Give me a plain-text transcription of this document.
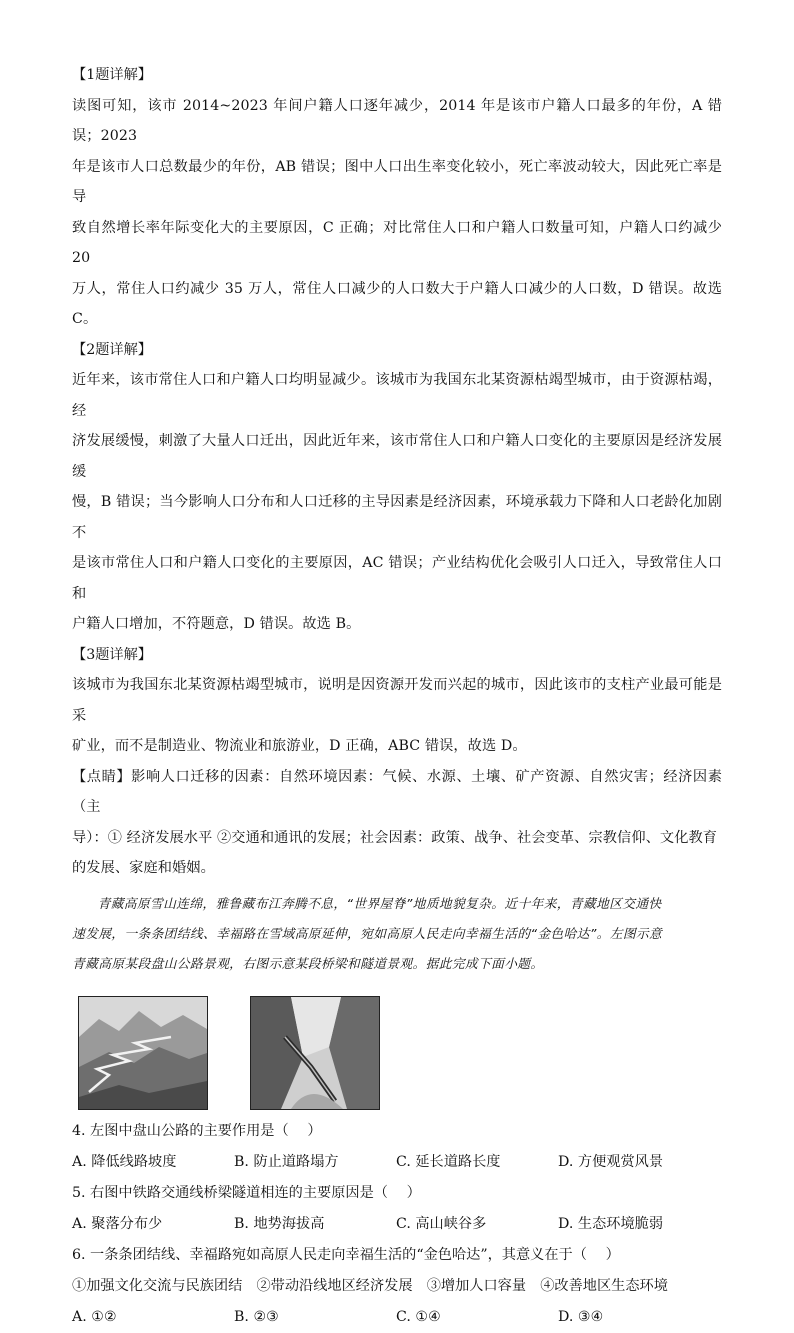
【1题详解】

读图可知，该市 2014~2023 年间户籍人口逐年减少，2014 年是该市户籍人口最多的年份，A 错误；2023

年是该市人口总数最少的年份，AB 错误；图中人口出生率变化较小，死亡率波动较大，因此死亡率是导

致自然增长率年际变化大的主要原因，C 正确；对比常住人口和户籍人口数量可知，户籍人口约减少 20

万人，常住人口约减少 35 万人，常住人口减少的人口数大于户籍人口减少的人口数，D 错误。故选 C。

【2题详解】

近年来，该市常住人口和户籍人口均明显减少。该城市为我国东北某资源枯竭型城市，由于资源枯竭，经

济发展缓慢，刺激了大量人口迁出，因此近年来，该市常住人口和户籍人口变化的主要原因是经济发展缓

慢，B 错误；当今影响人口分布和人口迁移的主导因素是经济因素，环境承载力下降和人口老龄化加剧不

是该市常住人口和户籍人口变化的主要原因，AC 错误；产业结构优化会吸引人口迁入，导致常住人口和

户籍人口增加，不符题意，D 错误。故选 B。

【3题详解】

该城市为我国东北某资源枯竭型城市，说明是因资源开发而兴起的城市，因此该市的支柱产业最可能是采

矿业，而不是制造业、物流业和旅游业，D 正确，ABC 错误，故选 D。

【点睛】影响人口迁移的因素：自然环境因素：气候、水源、土壤、矿产资源、自然灾害；经济因素（主

导）：① 经济发展水平 ②交通和通讯的发展；社会因素：政策、战争、社会变革、宗教信仰、文化教育

的发展、家庭和婚姻。

青藏高原雪山连绵，雅鲁藏布江奔腾不息，“世界屋脊”地质地貌复杂。近十年来，青藏地区交通快

速发展，一条条团结线、幸福路在雪域高原延伸，宛如高原人民走向幸福生活的“金色哈达”。左图示意

青藏高原某段盘山公路景观，右图示意某段桥梁和隧道景观。据此完成下面小题。

4. 左图中盘山公路的主要作用是（　 ）

A. 降低线路坡度	B. 防止道路塌方	C. 延长道路长度	D. 方便观赏风景

5. 右图中铁路交通线桥梁隧道相连的主要原因是（　 ）

A. 聚落分布少	B. 地势海拔高	C. 高山峡谷多	D. 生态环境脆弱

6. 一条条团结线、幸福路宛如高原人民走向幸福生活的“金色哈达”，其意义在于（　 ）

①加强文化交流与民族团结　②带动沿线地区经济发展　③增加人口容量　④改善地区生态环境

A. ①②	B. ②③	C. ①④	D. ③④
